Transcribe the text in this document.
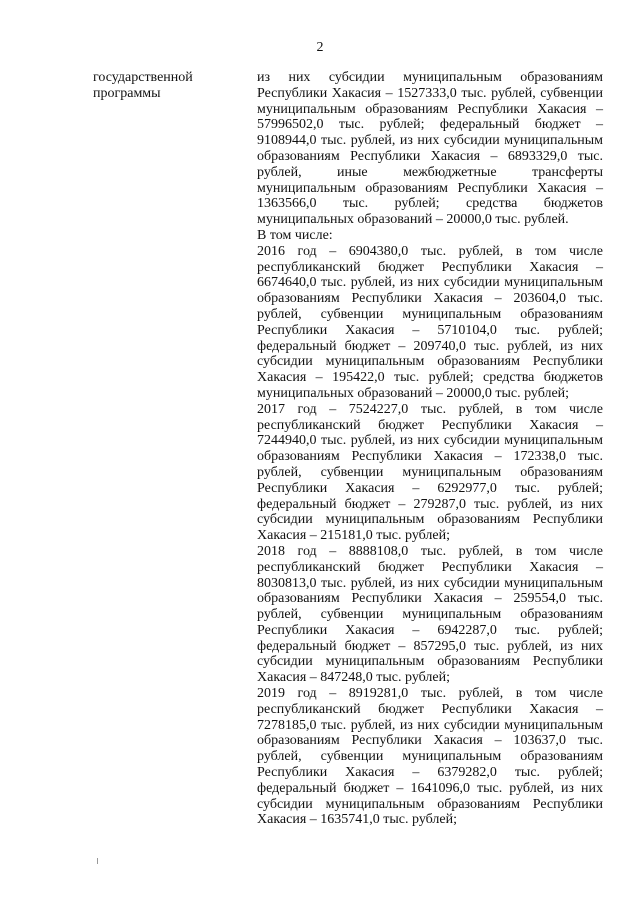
2
государственной
программы

из них субсидии муниципальным образованиям Республики Хакасия – 1527333,0 тыс. рублей, субвенции муниципальным образованиям Республики Хакасия – 57996502,0 тыс. рублей; федеральный бюджет – 9108944,0 тыс. рублей, из них субсидии муниципальным образованиям Республики Хакасия – 6893329,0 тыс. рублей, иные межбюджетные трансферты муниципальным образованиям Республики Хакасия – 1363566,0 тыс. рублей; средства бюджетов муниципальных образований – 20000,0 тыс. рублей.

В том числе:

2016 год – 6904380,0 тыс. рублей, в том числе республиканский бюджет Республики Хакасия – 6674640,0 тыс. рублей, из них субсидии муниципальным образованиям Республики Хакасия – 203604,0 тыс. рублей, субвенции муниципальным образованиям Республики Хакасия – 5710104,0 тыс. рублей; федеральный бюджет – 209740,0 тыс. рублей, из них субсидии муниципальным образованиям Республики Хакасия – 195422,0 тыс. рублей; средства бюджетов муниципальных образований – 20000,0 тыс. рублей;

2017 год – 7524227,0 тыс. рублей, в том числе республиканский бюджет Республики Хакасия – 7244940,0 тыс. рублей, из них субсидии муниципальным образованиям Республики Хакасия – 172338,0 тыс. рублей, субвенции муниципальным образованиям Республики Хакасия – 6292977,0 тыс. рублей; федеральный бюджет – 279287,0 тыс. рублей, из них субсидии муниципальным образованиям Республики Хакасия – 215181,0 тыс. рублей;

2018 год – 8888108,0 тыс. рублей, в том числе республиканский бюджет Республики Хакасия – 8030813,0 тыс. рублей, из них субсидии муниципальным образованиям Республики Хакасия – 259554,0 тыс. рублей, субвенции муниципальным образованиям Республики Хакасия – 6942287,0 тыс. рублей; федеральный бюджет – 857295,0 тыс. рублей, из них субсидии муниципальным образованиям Республики Хакасия – 847248,0 тыс. рублей;

2019 год – 8919281,0 тыс. рублей, в том числе республиканский бюджет Республики Хакасия – 7278185,0 тыс. рублей, из них субсидии муниципальным образованиям Республики Хакасия – 103637,0 тыс. рублей, субвенции муниципальным образованиям Республики Хакасия – 6379282,0 тыс. рублей; федеральный бюджет – 1641096,0 тыс. рублей, из них субсидии муниципальным образованиям Республики Хакасия – 1635741,0 тыс. рублей;
